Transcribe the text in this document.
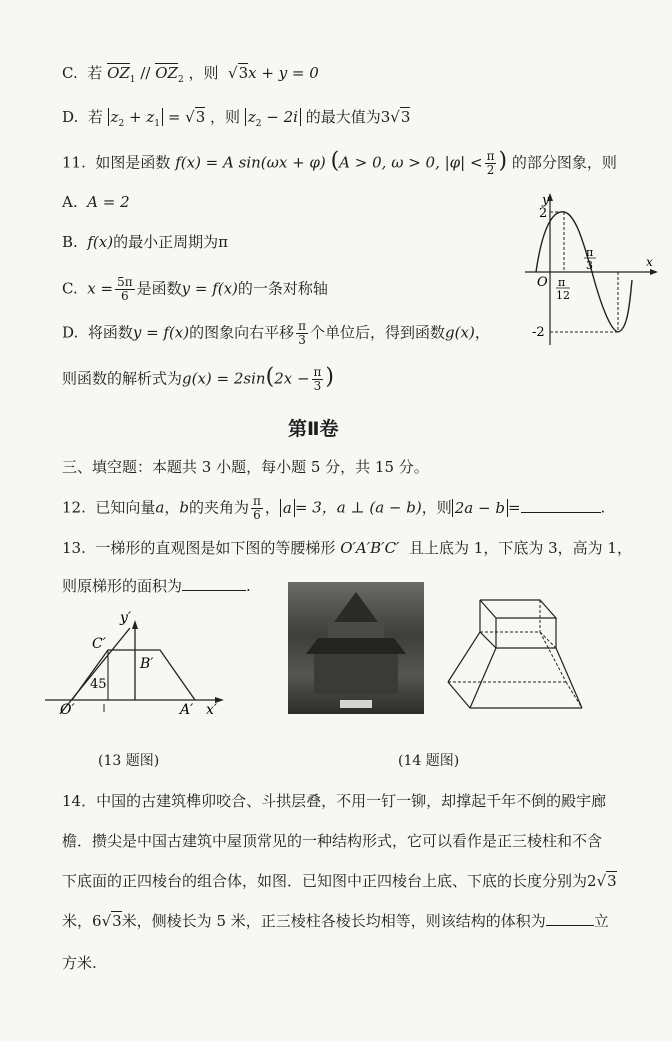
C. 若 $OZ_1 // OZ_2$ ，则 √3x + y = 0
D. 若 $z_2 + z_1 = √3$ ，则 $z_2 - 2i$ 的最大值为3√3
11. 如图是函数 f(x) = A sin(ωx + φ) (A > 0, ω > 0, $|\varphi| < \frac{\pi}{2}$ ) 的部分图象，则
A. A = 2
B. f(x)的最小正周期为π
C. $x = \frac{5\pi}{6}$ 是函数y = f(x)的一条对称轴
D. 将函数y = f(x)的图象向右平移 $\frac{\pi}{3}$ 个单位后，得到函数g(x)，
则函数的解析式为$g(x) = 2\sin(2x - \frac{\pi}{3}$ )
y
x
O
2
-2
π
12
π
3
第Ⅱ卷
三、填空题：本题共 3 小题，每小题 5 分，共 15 分。
12. 已知向量a，b的夹角为 $\frac{\pi}{6}$ ， a = 3，a ⊥ (a − b)，则 2a − b =	.
13. 一梯形的直观图是如下图的等腰梯形 O′A′B′C′ 且上底为 1，下底为 3，高为 1，
则原梯形的面积为	.
y′
x′
C′
B′
45
O′	A′
(13 题图)	(14 题图)
14．中国的古建筑榫卯咬合、斗拱层叠，不用一钉一铆，却撑起千年不倒的殿宇廊
檐．攒尖是中国古建筑中屋顶常见的一种结构形式，它可以看作是正三棱柱和不含
下底面的正四棱台的组合体，如图．已知图中正四棱台上底、下底的长度分别为2√3
米，6√3米，侧棱长为 5 米，正三棱柱各棱长均相等，则该结构的体积为	立
方米.
